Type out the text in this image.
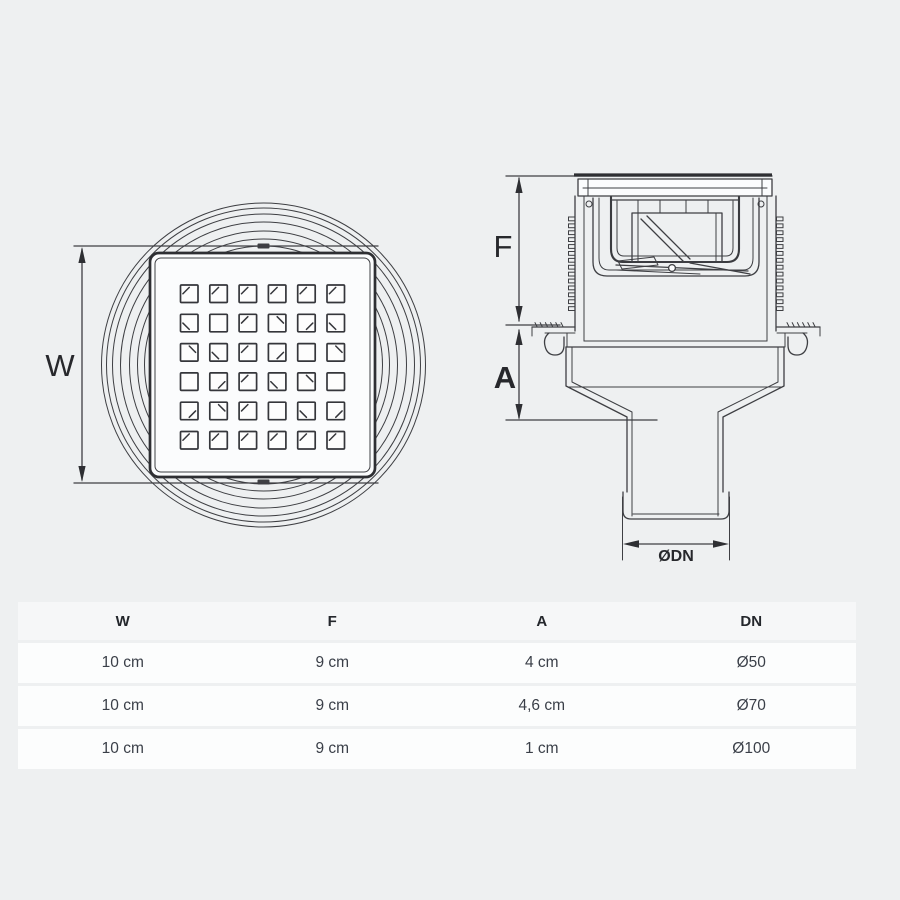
W
F
A
ØDN
W	F	A	DN
10 cm	9 cm	4 cm	Ø50
10 cm	9 cm	4,6 cm	Ø70
10 cm	9 cm	1 cm	Ø100
